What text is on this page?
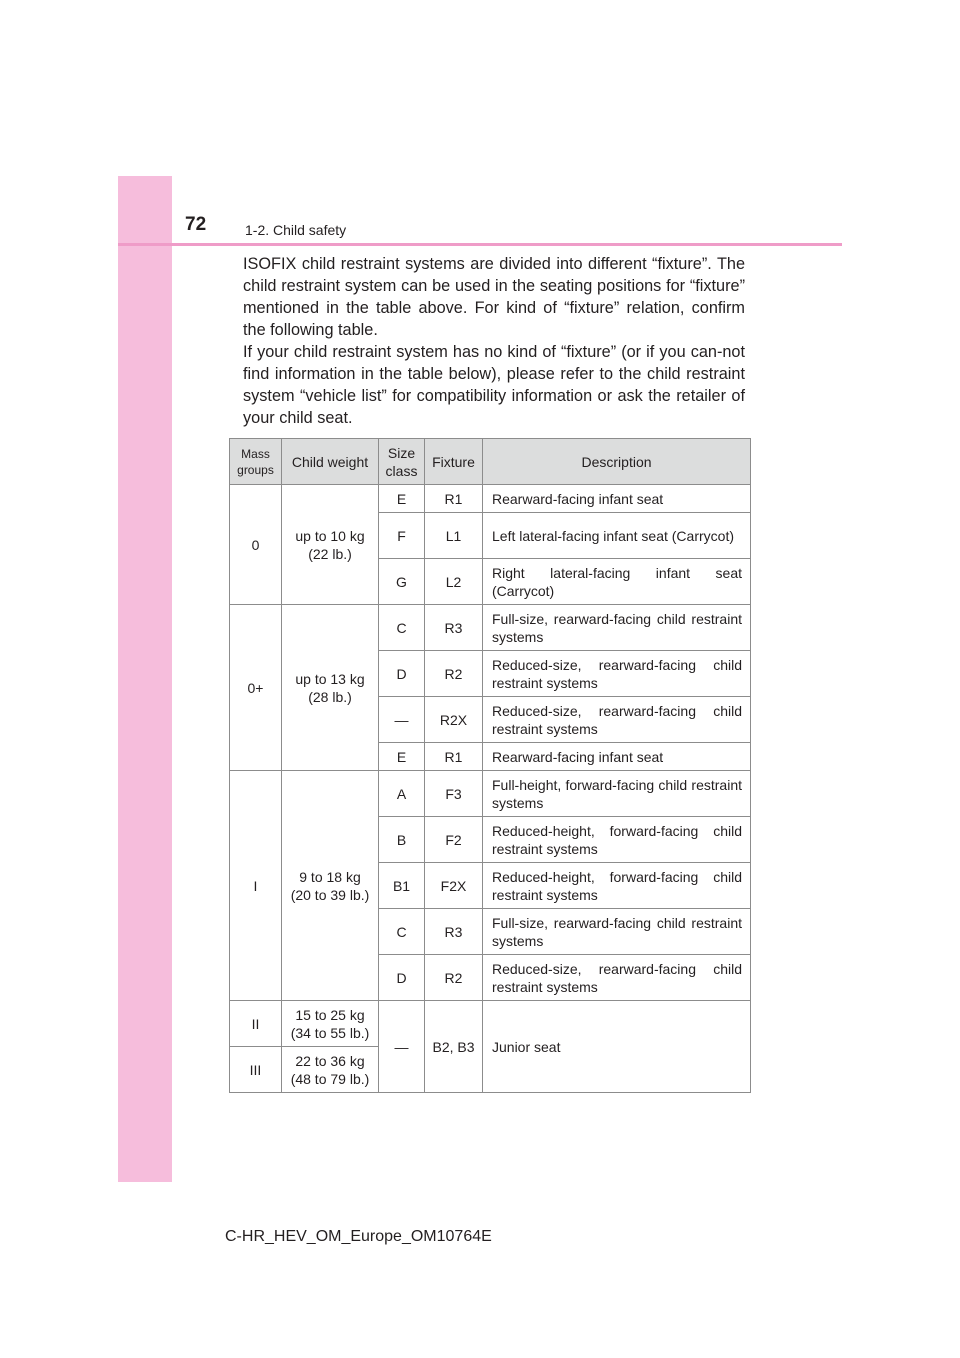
72	1-2. Child safety

ISOFIX child restraint systems are divided into different “fixture”. The child restraint system can be used in the seating positions for “fixture” mentioned in the table above. For kind of “fixture” relation, confirm the following table.

If your child restraint system has no kind of “fixture” (or if you can-not find information in the table below), please refer to the child restraint system “vehicle list” for compatibility information or ask the retailer of your child seat.

Mass groups	Child weight	Size class	Fixture	Description
0	up to 10 kg (22 lb.)	E	R1	Rearward-facing infant seat
		F	L1	Left lateral-facing infant seat (Carrycot)
		G	L2	Right lateral-facing infant seat (Carrycot)
0+	up to 13 kg (28 lb.)	C	R3	Full-size, rearward-facing child restraint systems
		D	R2	Reduced-size, rearward-facing child restraint systems
		—	R2X	Reduced-size, rearward-facing child restraint systems
		E	R1	Rearward-facing infant seat
I	9 to 18 kg (20 to 39 lb.)	A	F3	Full-height, forward-facing child restraint systems
		B	F2	Reduced-height, forward-facing child restraint systems
		B1	F2X	Reduced-height, forward-facing child restraint systems
		C	R3	Full-size, rearward-facing child restraint systems
		D	R2	Reduced-size, rearward-facing child restraint systems
II	15 to 25 kg (34 to 55 lb.)	—	B2, B3	Junior seat
III	22 to 36 kg (48 to 79 lb.)			
C-HR_HEV_OM_Europe_OM10764E
